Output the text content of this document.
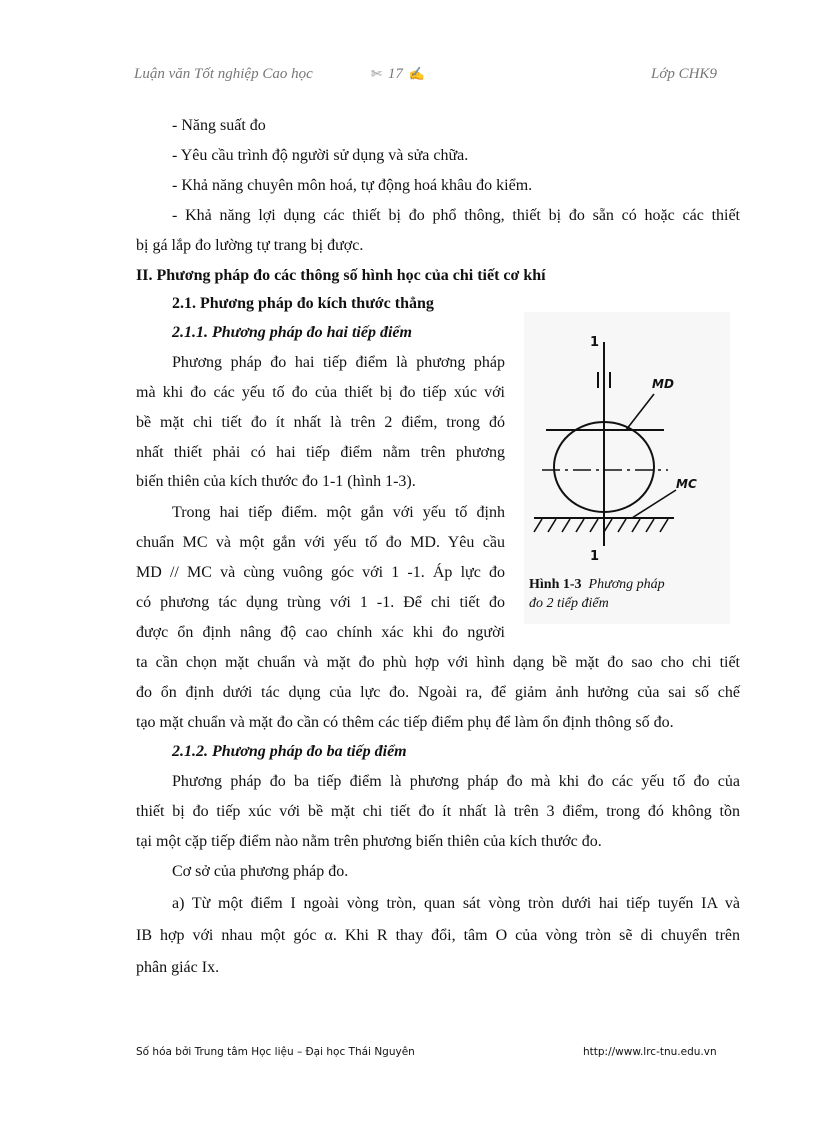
Luận văn Tốt nghiệp Cao học	✄ 17 ✍	Lớp CHK9
- Năng suất đo
- Yêu cầu trình độ người sử dụng và sửa chữa.
- Khả năng chuyên môn hoá, tự động hoá khâu đo kiểm.
- Khả năng lợi dụng các thiết bị đo phổ thông, thiết bị đo sẵn có hoặc các thiết
bị gá lắp đo lường tự trang bị được.
II. Phương pháp đo các thông số hình học của chi tiết cơ khí
2.1. Phương pháp đo kích thước thẳng
2.1.1. Phương pháp đo hai tiếp điểm
Phương pháp đo hai tiếp điểm là phương pháp
mà khi đo các yếu tố đo của thiết bị đo tiếp xúc với
bề mặt chi tiết đo ít nhất là trên 2 điểm, trong đó
nhất thiết phải có hai tiếp điểm nằm trên phương
biến thiên của kích thước đo 1-1 (hình 1-3).
Trong hai tiếp điểm. một gắn với yếu tố định
chuẩn MC và một gắn với yếu tố đo MD. Yêu cầu
MD // MC và cùng vuông góc với 1 -1. Áp lực đo
có phương tác dụng trùng với 1 -1. Để chi tiết đo
được ổn định nâng độ cao chính xác khi đo người
ta cần chọn mặt chuẩn và mặt đo phù hợp với hình dạng bề mặt đo sao cho chi tiết
đo ổn định dưới tác dụng của lực đo. Ngoài ra, để giảm ảnh hưởng của sai số chế
tạo mặt chuẩn và mặt đo cần có thêm các tiếp điểm phụ để làm ổn định thông số đo.
2.1.2. Phương pháp đo ba tiếp điểm
Phương pháp đo ba tiếp điểm là phương pháp đo mà khi đo các yếu tố đo của
thiết bị đo tiếp xúc với bề mặt chi tiết đo ít nhất là trên 3 điểm, trong đó không tồn
tại một cặp tiếp điểm nào nằm trên phương biến thiên của kích thước đo.
Cơ sở của phương pháp đo.
a) Từ một điểm I ngoài vòng tròn, quan sát vòng tròn dưới hai tiếp tuyến IA và
IB hợp với nhau một góc α. Khi R thay đổi, tâm O của vòng tròn sẽ di chuyển trên
phân giác Ix.
1
1
MD
MC
Hình 1-3 Phương pháp
đo 2 tiếp điểm
Số hóa bởi Trung tâm Học liệu – Đại học Thái Nguyên	http://www.lrc-tnu.edu.vn
